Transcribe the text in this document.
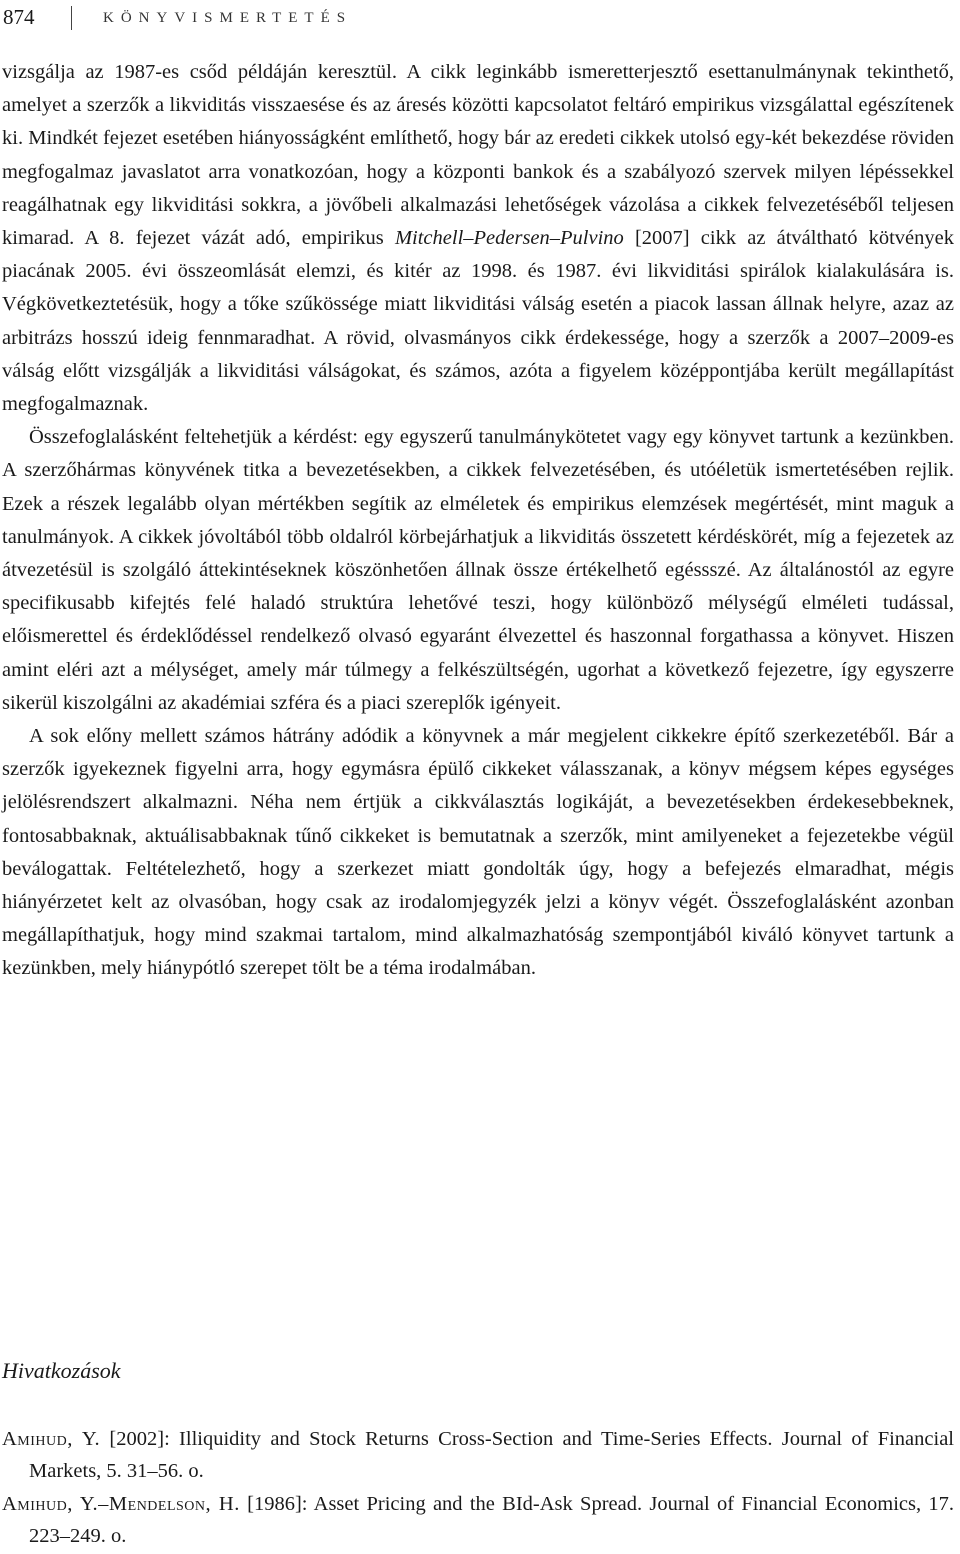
874	KÖNYVISMERTETÉS

vizsgálja az 1987-es csőd példáján keresztül. A cikk leginkább ismeretterjesztő esettanulmánynak tekinthető, amelyet a szerzők a likviditás visszaesése és az áresés közötti kapcsolatot feltáró empirikus vizsgálattal egészítenek ki. Mindkét fejezet esetében hiányosságként említhető, hogy bár az eredeti cikkek utolsó egy-két bekezdése röviden megfogalmaz javaslatot arra vonatkozóan, hogy a központi bankok és a szabályozó szervek milyen lépéssekkel reagálhatnak egy likviditási sokkra, a jövőbeli alkalmazási lehetőségek vázolása a cikkek felvezetéséből teljesen kimarad. A 8. fejezet vázát adó, empirikus Mitchell–Pedersen–Pulvino [2007] cikk az átváltható kötvények piacának 2005. évi összeomlását elemzi, és kitér az 1998. és 1987. évi likviditási spirálok kialakulására is. Végkövetkeztetésük, hogy a tőke szűkössége miatt likviditási válság esetén a piacok lassan állnak helyre, azaz az arbitrázs hosszú ideig fennmaradhat. A rövid, olvasmányos cikk érdekessége, hogy a szerzők a 2007–2009-es válság előtt vizsgálják a likviditási válságokat, és számos, azóta a figyelem középpontjába került megállapítást megfogalmaznak.

Összefoglalásként feltehetjük a kérdést: egy egyszerű tanulmánykötetet vagy egy könyvet tartunk a kezünkben. A szerzőhármas könyvének titka a bevezetésekben, a cikkek felvezetésében, és utóéletük ismertetésében rejlik. Ezek a részek legalább olyan mértékben segítik az elméletek és empirikus elemzések megértését, mint maguk a tanulmányok. A cikkek jóvoltából több oldalról körbejárhatjuk a likviditás összetett kérdéskörét, míg a fejezetek az átvezetésül is szolgáló áttekintéseknek köszönhetően állnak össze értékelhető egéssszé. Az általánostól az egyre specifikusabb kifejtés felé haladó struktúra lehetővé teszi, hogy különböző mélységű elméleti tudással, előismerettel és érdeklődéssel rendelkező olvasó egyaránt élvezettel és haszonnal forgathassa a könyvet. Hiszen amint eléri azt a mélységet, amely már túlmegy a felkészültségén, ugorhat a következő fejezetre, így egyszerre sikerül kiszolgálni az akadémiai szféra és a piaci szereplők igényeit.

A sok előny mellett számos hátrány adódik a könyvnek a már megjelent cikkekre építő szerkezetéből. Bár a szerzők igyekeznek figyelni arra, hogy egymásra épülő cikkeket válasszanak, a könyv mégsem képes egységes jelölésrendszert alkalmazni. Néha nem értjük a cikkválasztás logikáját, a bevezetésekben érdekesebbeknek, fontosabbaknak, aktuálisabbaknak tűnő cikkeket is bemutatnak a szerzők, mint amilyeneket a fejezetekbe végül beválogattak. Feltételezhető, hogy a szerkezet miatt gondolták úgy, hogy a befejezés elmaradhat, mégis hiányérzetet kelt az olvasóban, hogy csak az irodalomjegyzék jelzi a könyv végét. Összefoglalásként azonban megállapíthatjuk, hogy mind szakmai tartalom, mind alkalmazhatóság szempontjából kiváló könyvet tartunk a kezünkben, mely hiánypótló szerepet tölt be a téma irodalmában.

Hivatkozások
Amihud, Y. [2002]: Illiquidity and Stock Returns Cross-Section and Time-Series Effects. Journal of Financial Markets, 5. 31–56. o.
Amihud, Y.–Mendelson, H. [1986]: Asset Pricing and the BId-Ask Spread. Journal of Financial Economics, 17. 223–249. o.
